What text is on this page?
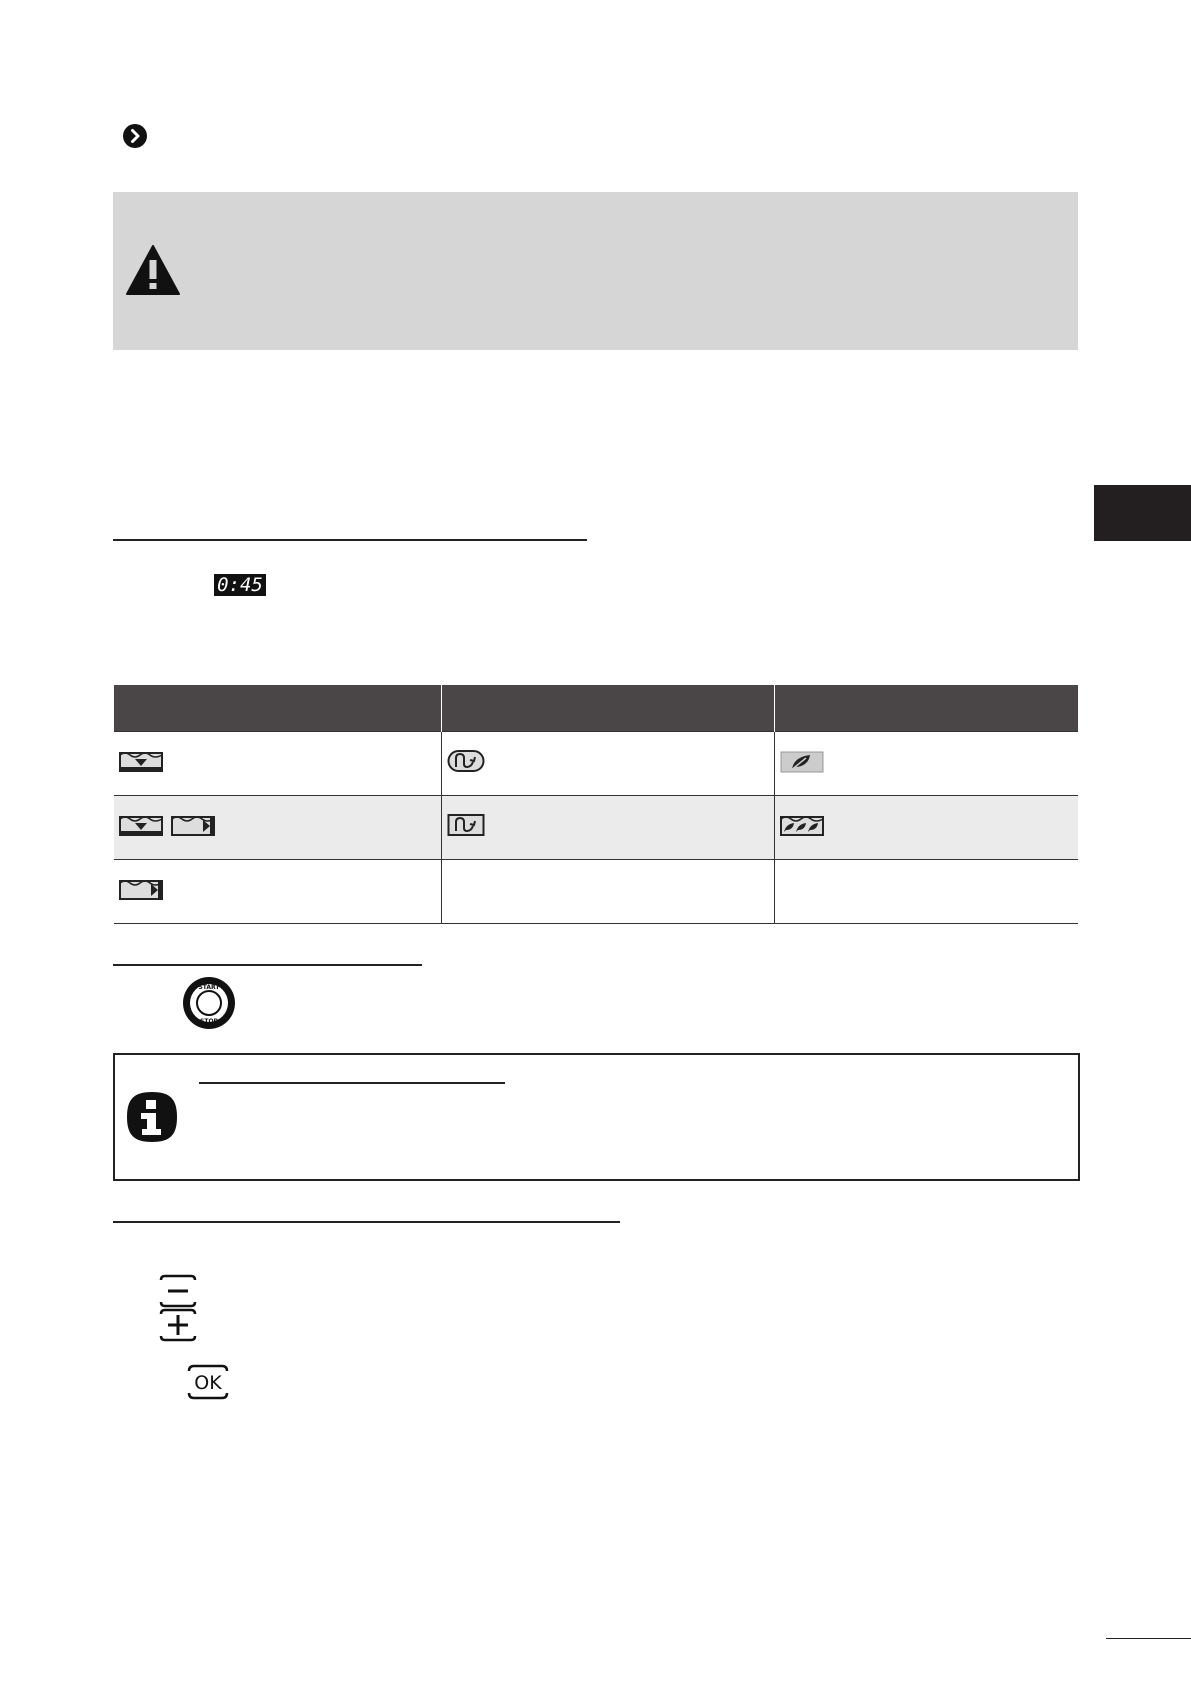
0:45

START
STOP
OK
